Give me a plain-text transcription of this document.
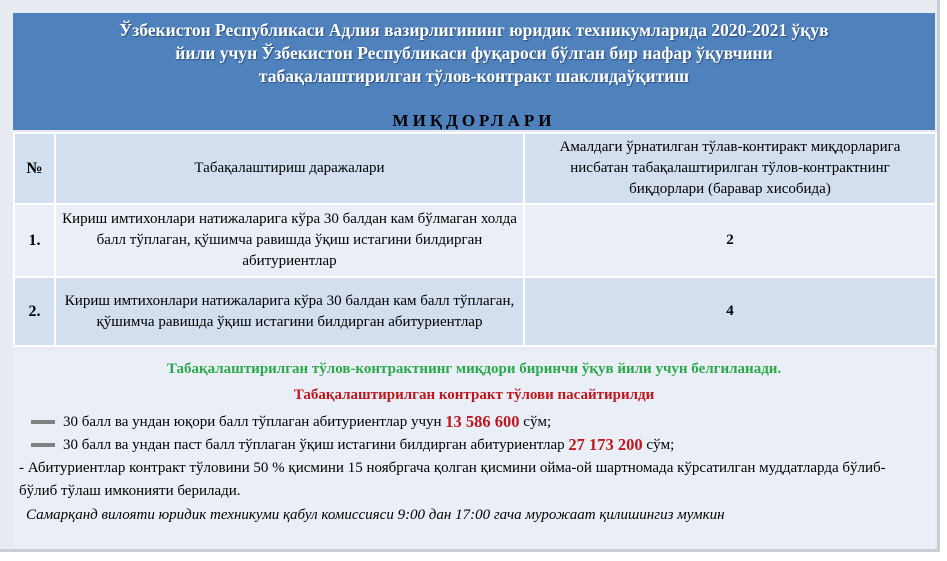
Ўзбекистон Республикаси Адлия вазирлигининг юридик техникумларида 2020-2021 ўқув
йили учун Ўзбекистон Республикаси фуқароси бўлган бир нафар ўқувчини
табақалаштирилган тўлов-контракт шаклидаўқитиш
МИҚДОРЛАРИ
№	Табақалаштириш даражалари	Амалдаги ўрнатилган тўлав-контиракт миқдорларига нисбатан табақалаштирилган тўлов-контрактнинг биқдорлари (баравар хисобида)
1.	Кириш имтихонлари натижаларига кўра 30 балдан кам бўлмаган холда балл тўплаган, қўшимча равишда ўқиш истагини билдирган абитуриентлар	2
2.	Кириш имтихонлари натижаларига кўра 30 балдан кам балл тўплаган, қўшимча равишда ўқиш истагини билдирган абитуриентлар	4
Табақалаштирилган тўлов-контрактнинг миқдори биринчи ўқув йили учун белгиланади.
Табақалаштирилган контракт тўлови пасайтирилди
30 балл ва ундан юқори балл тўплаган абитуриентлар учун
13 586 600
сўм;
30 балл ва ундан паст балл тўплаган ўқиш истагини билдирган абитуриентлар
27 173 200
сўм;
- Абитуриентлар контракт тўловини 50 % қисмини 15 ноябргача қолган қисмини ойма-ой шартномада кўрсатилган муддатларда бўлиб-бўлиб тўлаш имконияти берилади.
Самарқанд вилояти юридик техникуми қабул комиссияси 9:00 дан 17:00 гача мурожаат қилишингиз мумкин
